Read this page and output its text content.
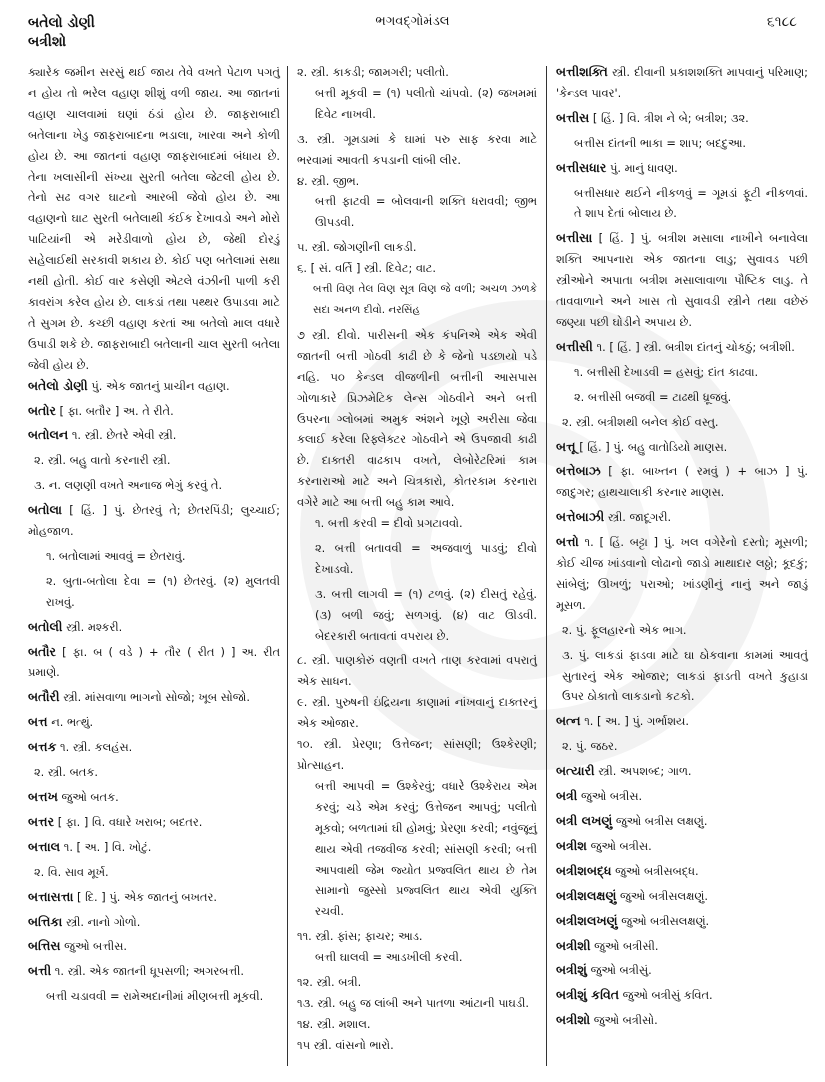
બતેલો ડોણી
બત્રીશો
ભગવદ્ગોમંડલ	૬૧૮૮
ક્યારેક જમીન સરસું થઈ જાય તેવે વખતે પેટાળ પગતું ન હોય તો ભરેલ વહાણ શીશું વળી જાય. આ જાતનાં વહાણ ચાલવામાં ઘણાં ઠંડાં હોય છે. જાફરાબાદી બતેલાના ખેડુ જાફરાબાદના ભડાલા, ખારવા અને કોળી હોય છે. આ જાતનાં વહાણ જાફરાબાદમાં બંધાય છે. તેના ખલાસીની સંખ્યા સુરતી બતેલા જેટલી હોય છે. તેનો સઢ વગર ઘાટનો આરબી જેવો હોય છે. આ વહાણનો ઘાટ સુરતી બતેલાથી કંઈક દેખાવડો અને મોરો પાટિયાંની એ મરેડીવાળો હોય છે, જેથી દોરડું સહેલાઈથી સરકાવી શકાય છે. કોઈ પણ બતેલામાં સથા નથી હોતી. કોઈ વાર કસેણી એટલે વંઝીની પાળી કરી કાવરાંગ કરેલ હોય છે. લાકડાં તથા પથ્થર ઉપાડવા માટે તે સુગમ છે. કચ્છી વહાણ કરતાં આ બતેલો માલ વધારે ઉપાડી શકે છે. જાફરાબાદી બતેલાની ચાલ સુરતી બતેલા જેવી હોય છે.
બતેલો ડોણી પું. એક જાતનું પ્રાચીન વહાણ.
બતોર [ ફા. બતૌર ] અ. તે રીતે.
બતોલન ૧. સ્ત્રી. છેતરે એવી સ્ત્રી.
૨. સ્ત્રી. બહુ વાતો કરનારી સ્ત્રી.
૩. ન. લણણી વખતે અનાજ ભેગું કરવું તે.
બતોલા [ હિં. ] પું. છેતરવું તે; છેતરપિંડી; લુચ્ચાઈ; મોહજાળ.
૧. બતોલામાં આવવું = છેતરાવું.
૨. બુતા-બતોલા દેવા = (૧) છેતરવું. (૨) મુલતવી રાખવું.
બતોલી સ્ત્રી. મશ્કરી.
બતૌર [ ફા. બ ( વડે ) + તૌર ( રીત ) ] અ. રીત પ્રમાણે.
બતૌરી સ્ત્રી. માંસવાળા ભાગનો સોજો; ખૂબ સોજો.
બત્ત ન. ભત્થું.
બત્તક ૧. સ્ત્રી. કલહંસ.
૨. સ્ત્રી. બતક.
બત્તખ જુઓ બતક.
બત્તર [ ફા. ] વિ. વધારે ખરાબ; બદતર.
બત્તાલ ૧. [ અ. ] વિ. ખોટું.
૨. વિ. સાવ મૂર્ખ.
બત્તાસત્તા [ દિ. ] પું. એક જાતનું બખતર.
બત્તિકા સ્ત્રી. નાનો ગોળો.
બત્તિસ જુઓ બત્તીસ.
બત્તી ૧. સ્ત્રી. એક જાતની ધૂપસળી; અગરબત્તી.
બત્તી ચડાવવી = રામેઅદાનીમાં મીણબત્તી મૂકવી.
૨. સ્ત્રી. કાકડી; જામગરી; પલીતો.
બત્તી મૂકવી = (૧) પલીતો ચાંપવો. (૨) જખમમાં દિવેટ નાખવી.
૩. સ્ત્રી. ગૂમડામાં કે ઘામાં પરુ સાફ કરવા માટે ભરવામાં આવતી કપડાની લાંબી લીર.
૪. સ્ત્રી. જીભ.
બત્તી ફાટવી = બોલવાની શક્તિ ધરાવવી; જીભ ઊપડવી.
૫. સ્ત્રી. જોગણીની લાકડી.
૬. [ સં. વર્તિ ] સ્ત્રી. દિવેટ; વાટ.
બત્તી વિણ તેલ વિણ સૂત્ર વિણ જે વળી; અચળ ઝળકે સદા અનળ દીવો. નરસિંહ
૭ સ્ત્રી. દીવો. પારીસની એક કંપનિએ એક એવી જાતની બત્તી ગોઠવી કાઢી છે કે જેનો પડછાયો પડે નહિ. ૫૦ કેન્ડલ વીજળીની બત્તીની આસપાસ ગોળાકારે પ્રિઝમેટિક લેન્સ ગોઠવીને અને બત્તી ઉપરના ગ્લોબમાં અમુક અંશને ખૂણે અરીસા જેવા કલાઈ કરેલા રિફ્લેક્ટર ગોઠવીને એ ઉપજાવી કાઢી છે. દાક્તરી વાઢકાપ વખતે, લેબોરેટરિમાં કામ કરનારાઓ માટે અને ચિત્રકારો, કોતરકામ કરનારા વગેરે માટે આ બત્તી બહુ કામ આવે.
૧. બત્તી કરવી = દીવો પ્રગટાવવો.
૨. બત્તી બતાવવી = અજવાળું પાડવું; દીવો દેખાડવો.
૩. બત્તી લાગવી = (૧) ટળવું. (૨) દીસતું રહેવું. (૩) બળી જવું; સળગવું. (૪) વાટ ઊડવી. બેદરકારી બતાવતાં વપરાય છે.
૮. સ્ત્રી. પાણકોરું વણતી વખતે તાણ કરવામાં વપરાતું એક સાધન.
૯. સ્ત્રી. પુરુષની ઇંદ્રિયના કાણામાં નાંખવાનું દાક્તરનું એક ઓજાર.
૧૦. સ્ત્રી. પ્રેરણા; ઉત્તેજન; સાંસણી; ઉશ્કેરણી; પ્રોત્સાહન.
બત્તી આપવી = ઉશ્કેરવું; વધારે ઉશ્કેરાય એમ કરવું; ચડે એમ કરવું; ઉત્તેજન આપવું; પલીતો મૂકવો; બળતામાં ઘી હોમવું; પ્રેરણા કરવી; નવુંજૂનું થાય એવી તજવીજ કરવી; સાંસણી કરવી; બત્તી આપવાથી જેમ જ્યોત પ્રજ્વલિત થાય છે તેમ સામાનો જુસ્સો પ્રજ્વલિત થાય એવી યુક્તિ રચવી.
૧૧. સ્ત્રી. ફાંસ; ફાચર; આડ.
બત્તી ઘાલવી = આડખીલી કરવી.
૧૨. સ્ત્રી. બત્રી.
૧૩. સ્ત્રી. બહુ જ લાંબી અને પાતળા આંટાની પાઘડી.
૧૪. સ્ત્રી. મશાલ.
૧૫ સ્ત્રી. વાંસનો ભારો.
બત્તીશક્તિ સ્ત્રી. દીવાની પ્રકાશશક્તિ માપવાનું પરિમાણ; 'કેન્ડલ પાવર'.
બત્તીસ [ હિં. ] વિ. ત્રીશ ને બે; બત્રીશ; ૩૨.
બત્તીસ દાંતની ભાકા = શાપ; બદદુઆ.
બત્તીસધાર પું. માનું ધાવણ.
બત્તીસધાર થઈને નીકળવું = ગૂમડાં ફૂટી નીકળવાં. તે શાપ દેતાં બોલાય છે.
બત્તીસા [ હિં. ] પું. બત્રીશ મસાલા નાખીને બનાવેલા શક્તિ આપનારા એક જાતના લાડુ; સુવાવડ પછી સ્ત્રીઓને અપાતા બત્રીશ મસાલાવાળા પૌષ્ટિક લાડુ. તે તાવવાળાને અને ખાસ તો સુવાવડી સ્ત્રીને તથા વછેરું જણ્યા પછી ઘોડીને અપાય છે.
બત્તીસી ૧. [ હિં. ] સ્ત્રી. બત્રીશ દાંતનું ચોકઠું; બત્રીશી.
૧. બત્તીસી દેખાડવી = હસવું; દાંત કાઢવા.
૨. બત્તીસી બજવી = ટાઢથી ધ્રૂજવું.
૨. સ્ત્રી. બત્રીશથી બનેલ કોઈ વસ્તુ.
બત્તૂ [ હિં. ] પું. બહુ વાતોડિયો માણસ.
બત્તેબાઝ [ ફા. બાખ્તન ( રમવું ) + બાઝ ] પું. જાદુગર; હાથચાલાકી કરનાર માણસ.
બત્તેબાઝી સ્ત્રી. જાદૂગરી.
બત્તો ૧. [ હિં. બટ્ટા ] પું. ખલ વગેરેનો દસ્તો; મૂસળી; કોઈ ચીજ ખાંડવાનો લોઢાનો જાડો માથાદાર લઠ્ઠો; કૂદકું; સાંબેલું; ઊખળું; પરાઓ; ખાંડણીનું નાનું અને જાડું મૂસળ.
૨. પું. ફૂલહારનો એક ભાગ.
૩. પું. લાકડાં ફાડવા માટે ઘા ઠોકવાના કામમાં આવતું સુતારનું એક ઓજાર; લાકડાં ફાડતી વખતે કુહાડા ઉપર ઠોકાતો લાકડાનો કટકો.
બત્ન ૧. [ અ. ] પું. ગર્ભાશય.
૨. પું. જઠર.
બત્યારી સ્ત્રી. અપશબ્દ; ગાળ.
બત્રી જુઓ બત્રીસ.
બત્રી લખણું જુઓ બત્રીસ લક્ષણું.
બત્રીશ જુઓ બત્રીસ.
બત્રીશબદ્ધ જુઓ બત્રીસબદ્ધ.
બત્રીશલક્ષણું જુઓ બત્રીસલક્ષણું.
બત્રીશલખણું જુઓ બત્રીસલક્ષણું.
બત્રીશી જુઓ બત્રીસી.
બત્રીશું જુઓ બત્રીસું.
બત્રીશું કવિત જુઓ બત્રીસું કવિત.
બત્રીશો જુઓ બત્રીસો.
